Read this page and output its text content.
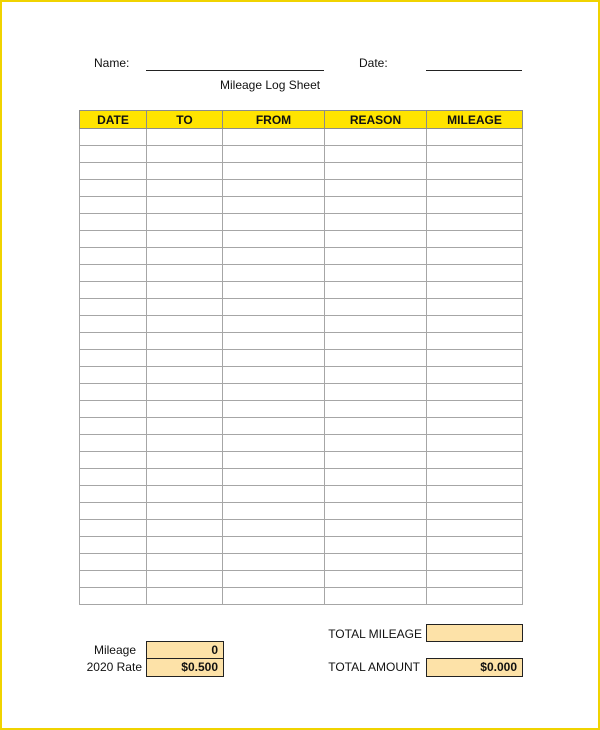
Name:	Date:
Mileage Log Sheet
DATE	TO	FROM	REASON	MILEAGE

Mileage	0
2020 Rate	$0.500
TOTAL MILEAGE
TOTAL AMOUNT	$0.000
